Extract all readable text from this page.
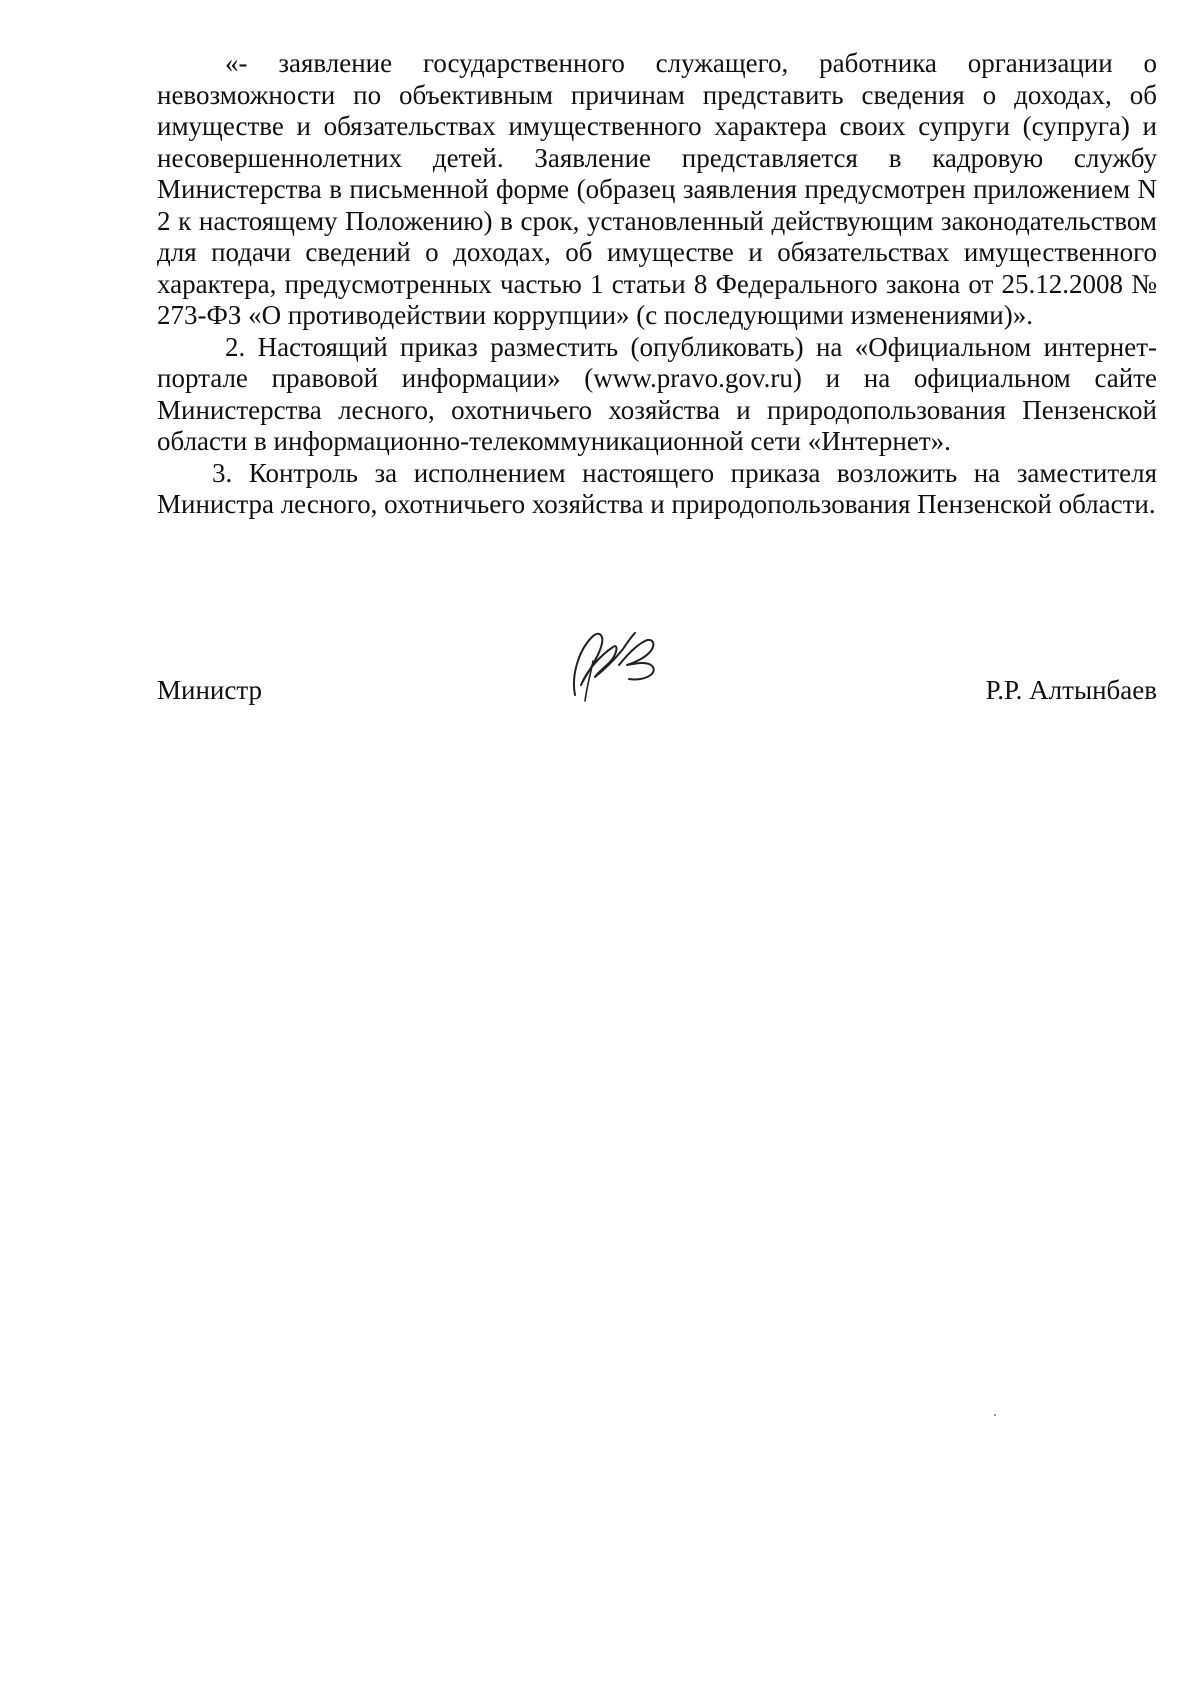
«- заявление государственного служащего, работника организации о невозможности по объективным причинам представить сведения о доходах, об имуществе и обязательствах имущественного характера своих супруги (супруга) и несовершеннолетних детей. Заявление представляется в кадровую службу Министерства в письменной форме (образец заявления предусмотрен приложением N 2 к настоящему Положению) в срок, установленный действующим законодательством для подачи сведений о доходах, об имуществе и обязательствах имущественного характера, предусмотренных частью 1 статьи 8 Федерального закона от 25.12.2008 № 273-ФЗ «О противодействии коррупции» (с последующими изменениями)».

2. Настоящий приказ разместить (опубликовать) на «Официальном интернет-портале правовой информации» (www.pravo.gov.ru) и на официальном сайте Министерства лесного, охотничьего хозяйства и природопользования Пензенской области в информационно-телекоммуникационной сети «Интернет».

3. Контроль за исполнением настоящего приказа возложить на заместителя Министра лесного, охотничьего хозяйства и природопользования Пензенской области.

Министр	Р.Р. Алтынбаев
